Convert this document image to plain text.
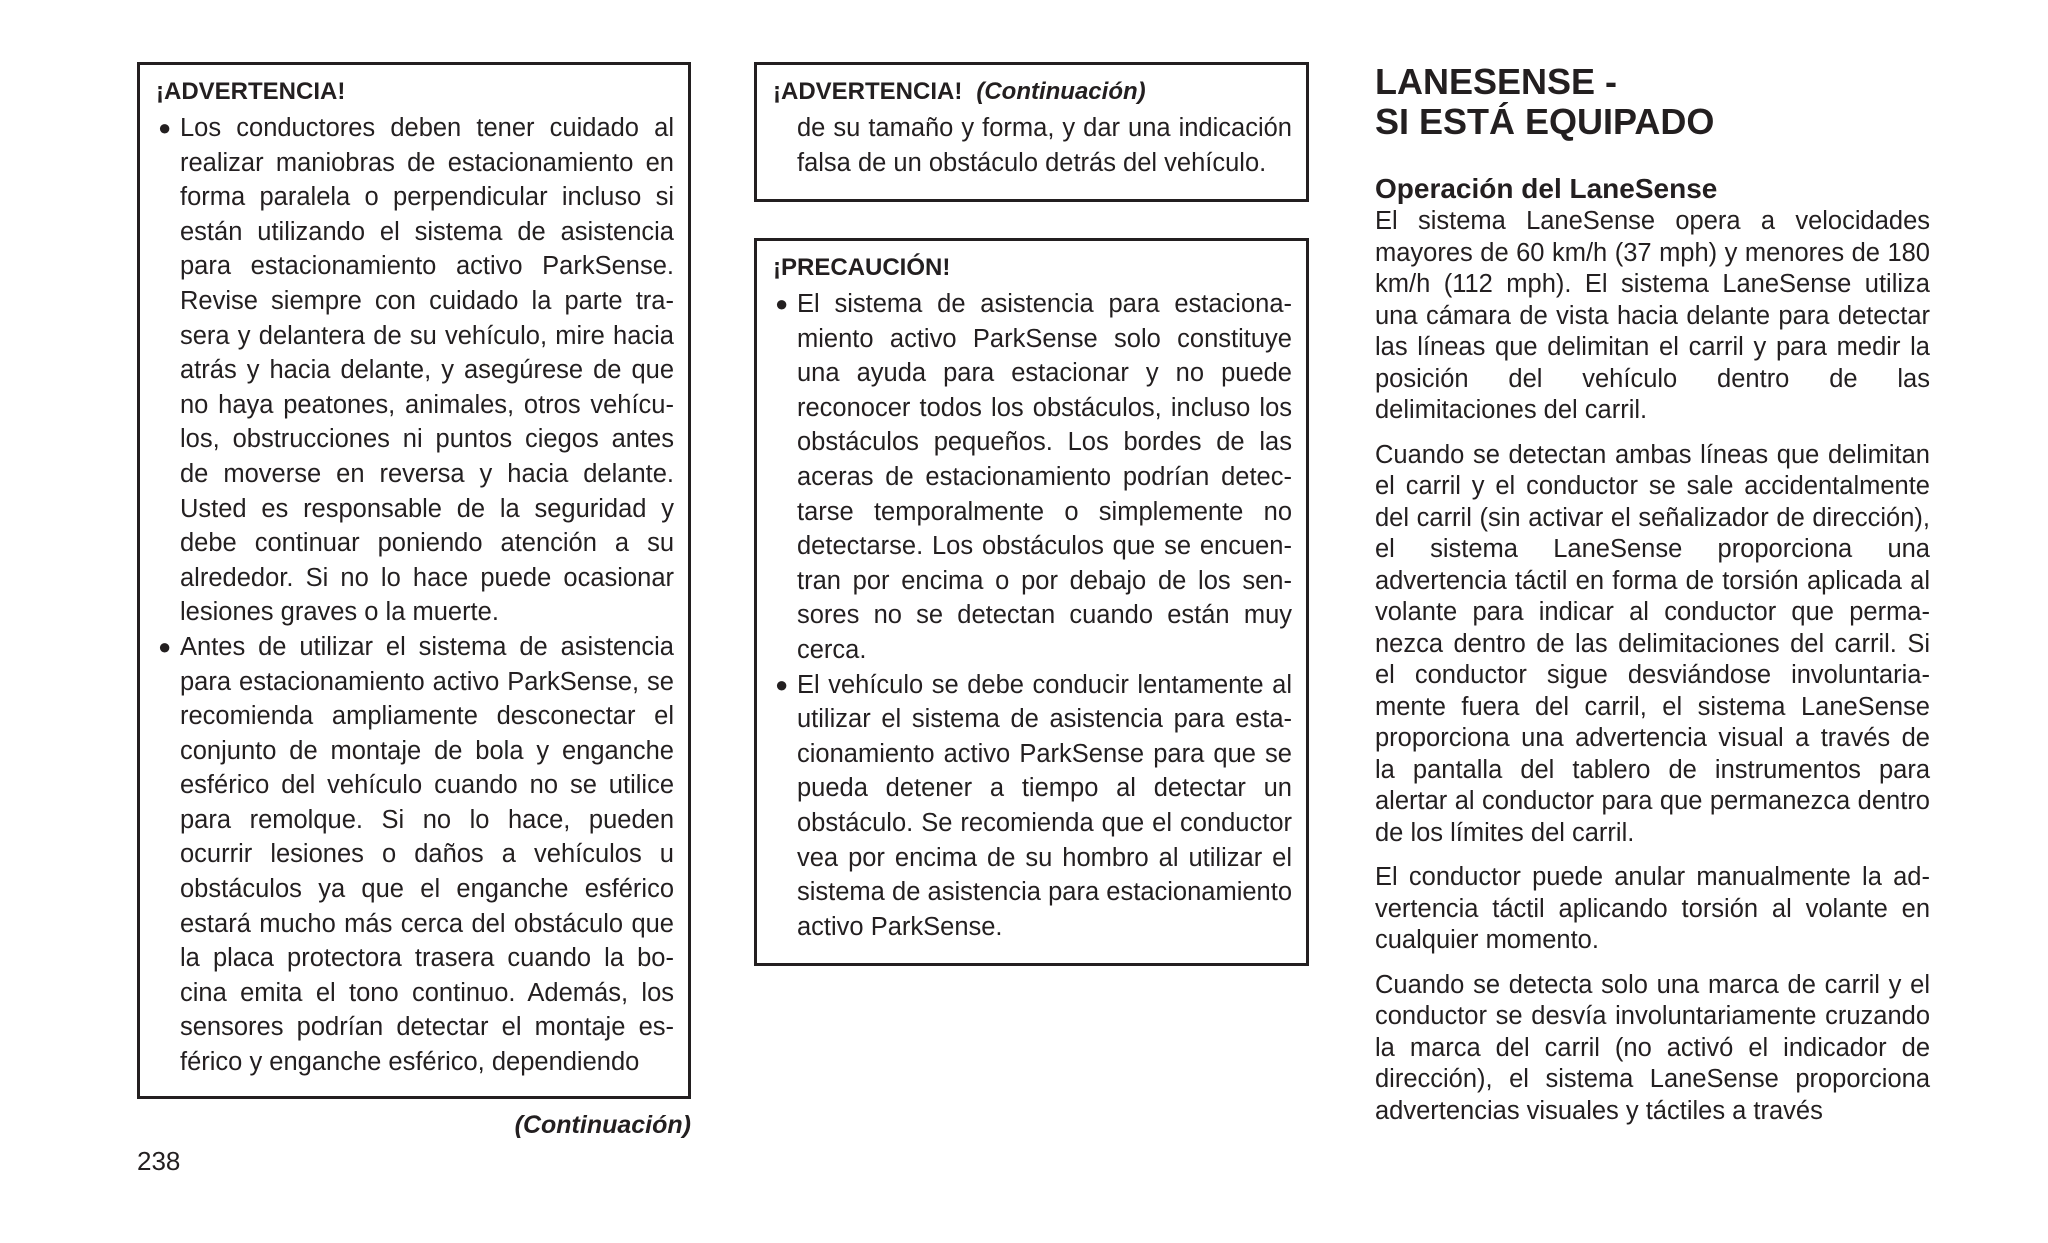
¡ADVERTENCIA!
● Los conductores deben tener cuidado al realizar maniobras de estacionamiento en forma paralela o perpendicular incluso si están utilizando el sistema de asistencia para estacionamiento activo ParkSense. Revise siempre con cuidado la parte trasera y delantera de su vehículo, mire hacia atrás y hacia delante, y asegúrese de que no haya peatones, animales, otros vehículos, obstrucciones ni puntos ciegos antes de moverse en reversa y hacia delante. Usted es responsable de la seguridad y debe continuar poniendo atención a su alrededor. Si no lo hace puede ocasionar lesiones graves o la muerte.
● Antes de utilizar el sistema de asistencia para estacionamiento activo ParkSense, se recomienda ampliamente desconectar el conjunto de montaje de bola y enganche esférico del vehículo cuando no se utilice para remolque. Si no lo hace, pueden ocurrir lesiones o daños a vehículos u obstáculos ya que el enganche esférico estará mucho más cerca del obstáculo que la placa protectora trasera cuando la bocina emita el tono continuo. Además, los sensores podrían detectar el montaje esférico y enganche esférico, dependiendo
(Continuación)
¡ADVERTENCIA! (Continuación)

de su tamaño y forma, y dar una indicación falsa de un obstáculo detrás del vehículo.

¡PRECAUCIÓN!
● El sistema de asistencia para estacionamiento activo ParkSense solo constituye una ayuda para estacionar y no puede reconocer todos los obstáculos, incluso los obstáculos pequeños. Los bordes de las aceras de estacionamiento podrían detectarse temporalmente o simplemente no detectarse. Los obstáculos que se encuentran por encima o por debajo de los sensores no se detectan cuando están muy cerca.
● El vehículo se debe conducir lentamente al utilizar el sistema de asistencia para estacionamiento activo ParkSense para que se pueda detener a tiempo al detectar un obstáculo. Se recomienda que el conductor vea por encima de su hombro al utilizar el sistema de asistencia para estacionamiento activo ParkSense.
LANESENSE -
SI ESTÁ EQUIPADO
Operación del LaneSense

El sistema LaneSense opera a velocidades mayores de 60 km/h (37 mph) y menores de 180 km/h (112 mph). El sistema LaneSense utiliza una cámara de vista hacia delante para detectar las líneas que delimitan el carril y para medir la posición del vehículo dentro de las delimitaciones del carril.

Cuando se detectan ambas líneas que delimitan el carril y el conductor se sale accidentalmente del carril (sin activar el señalizador de dirección), el sistema LaneSense proporciona una advertencia táctil en forma de torsión aplicada al volante para indicar al conductor que permanezca dentro de las delimitaciones del carril. Si el conductor sigue desviándose involuntariamente fuera del carril, el sistema LaneSense proporciona una advertencia visual a través de la pantalla del tablero de instrumentos para alertar al conductor para que permanezca dentro de los límites del carril.

El conductor puede anular manualmente la advertencia táctil aplicando torsión al volante en cualquier momento.

Cuando se detecta solo una marca de carril y el conductor se desvía involuntariamente cruzando la marca del carril (no activó el indicador de dirección), el sistema LaneSense proporciona advertencias visuales y táctiles a través

238
